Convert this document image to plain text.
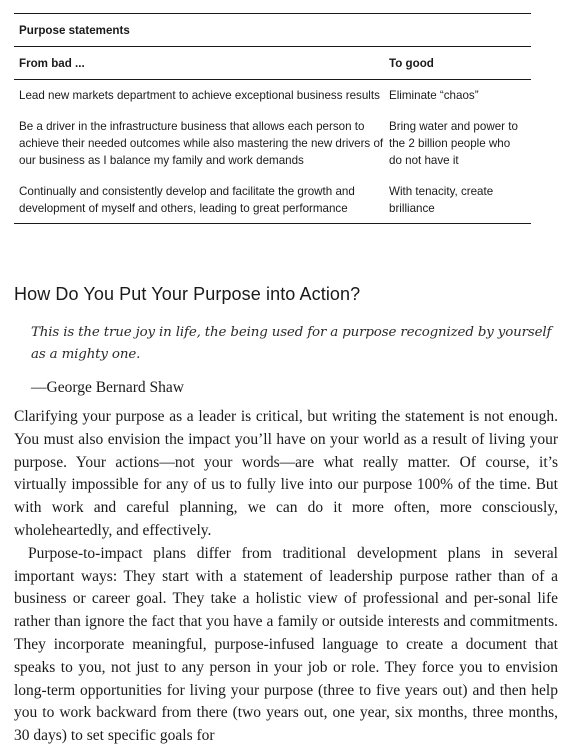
Purpose statements
From bad ...	To good
Lead new markets department to achieve exceptional business results Eliminate “chaos”
Be a driver in the infrastructure business that allows each person to achieve their needed outcomes while also mastering the new drivers of our business as I balance my family and work demands
Bring water and power to the 2 billion people who do not have it
Continually and consistently develop and facilitate the growth and development of myself and others, leading to great performance
With tenacity, create brilliance
How Do You Put Your Purpose into Action?
This is the true joy in life, the being used for a purpose recognized by yourself as a mighty one.
—George Bernard Shaw

Clarifying your purpose as a leader is critical, but writing the statement is not enough. You must also envision the impact you’ll have on your world as a result of living your purpose. Your actions—not your words—are what really matter. Of course, it’s virtually impossible for any of us to fully live into our purpose 100% of the time. But with work and careful planning, we can do it more often, more consciously, wholeheartedly, and effectively.

Purpose-to-impact plans differ from traditional development plans in several important ways: They start with a statement of leadership purpose rather than of a business or career goal. They take a holistic view of professional and per-sonal life rather than ignore the fact that you have a family or outside interests and commitments. They incorporate meaningful, purpose-infused language to create a document that speaks to you, not just to any person in your job or role. They force you to envision long-term opportunities for living your purpose (three to five years out) and then help you to work backward from there (two years out, one year, six months, three months, 30 days) to set specific goals for
